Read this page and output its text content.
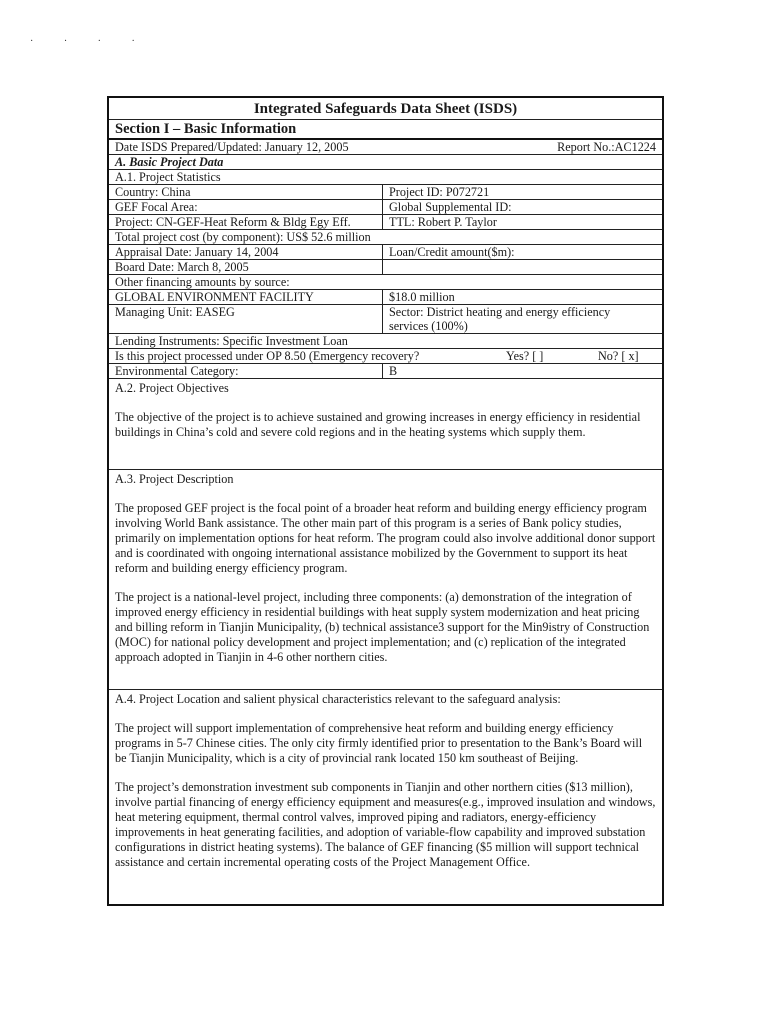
· · · ·
Integrated Safeguards Data Sheet (ISDS)
Section I – Basic Information
Date ISDS Prepared/Updated: January 12, 2005	Report No.:AC1224
A. Basic Project Data
A.1. Project Statistics
Country: China	Project ID: P072721
GEF Focal Area:	Global Supplemental ID:
Project: CN-GEF-Heat Reform & Bldg Egy Eff.	TTL: Robert P. Taylor
Total project cost (by component): US$ 52.6 million
Appraisal Date: January 14, 2004	Loan/Credit amount($m):
Board Date: March 8, 2005
Other financing amounts by source:
GLOBAL ENVIRONMENT FACILITY	$18.0 million
Managing Unit: EASEG	Sector: District heating and energy efficiency
services (100%)
Lending Instruments: Specific Investment Loan
Is this project processed under OP 8.50 (Emergency recovery?	Yes? [ ]	No? [ x]
Environmental Category:	B

A.2. Project Objectives

The objective of the project is to achieve sustained and growing increases in energy efficiency in residential buildings in China’s cold and severe cold regions and in the heating systems which supply them.

A.3. Project Description

The proposed GEF project is the focal point of a broader heat reform and building energy efficiency program involving World Bank assistance. The other main part of this program is a series of Bank policy studies, primarily on implementation options for heat reform. The program could also involve additional donor support and is coordinated with ongoing international assistance mobilized by the Government to support its heat reform and building energy efficiency program.

The project is a national-level project, including three components: (a) demonstration of the integration of improved energy efficiency in residential buildings with heat supply system modernization and heat pricing and billing reform in Tianjin Municipality, (b) technical assistance3 support for the Min9istry of Construction (MOC) for national policy development and project implementation; and (c) replication of the integrated approach adopted in Tianjin in 4-6 other northern cities.

A.4. Project Location and salient physical characteristics relevant to the safeguard analysis:

The project will support implementation of comprehensive heat reform and building energy efficiency programs in 5-7 Chinese cities. The only city firmly identified prior to presentation to the Bank’s Board will be Tianjin Municipality, which is a city of provincial rank located 150 km southeast of Beijing.

The project’s demonstration investment sub components in Tianjin and other northern cities ($13 million), involve partial financing of energy efficiency equipment and measures(e.g., improved insulation and windows, heat metering equipment, thermal control valves, improved piping and radiators, energy-efficiency improvements in heat generating facilities, and adoption of variable-flow capability and improved substation configurations in district heating systems). The balance of GEF financing ($5 million will support technical assistance and certain incremental operating costs of the Project Management Office.
